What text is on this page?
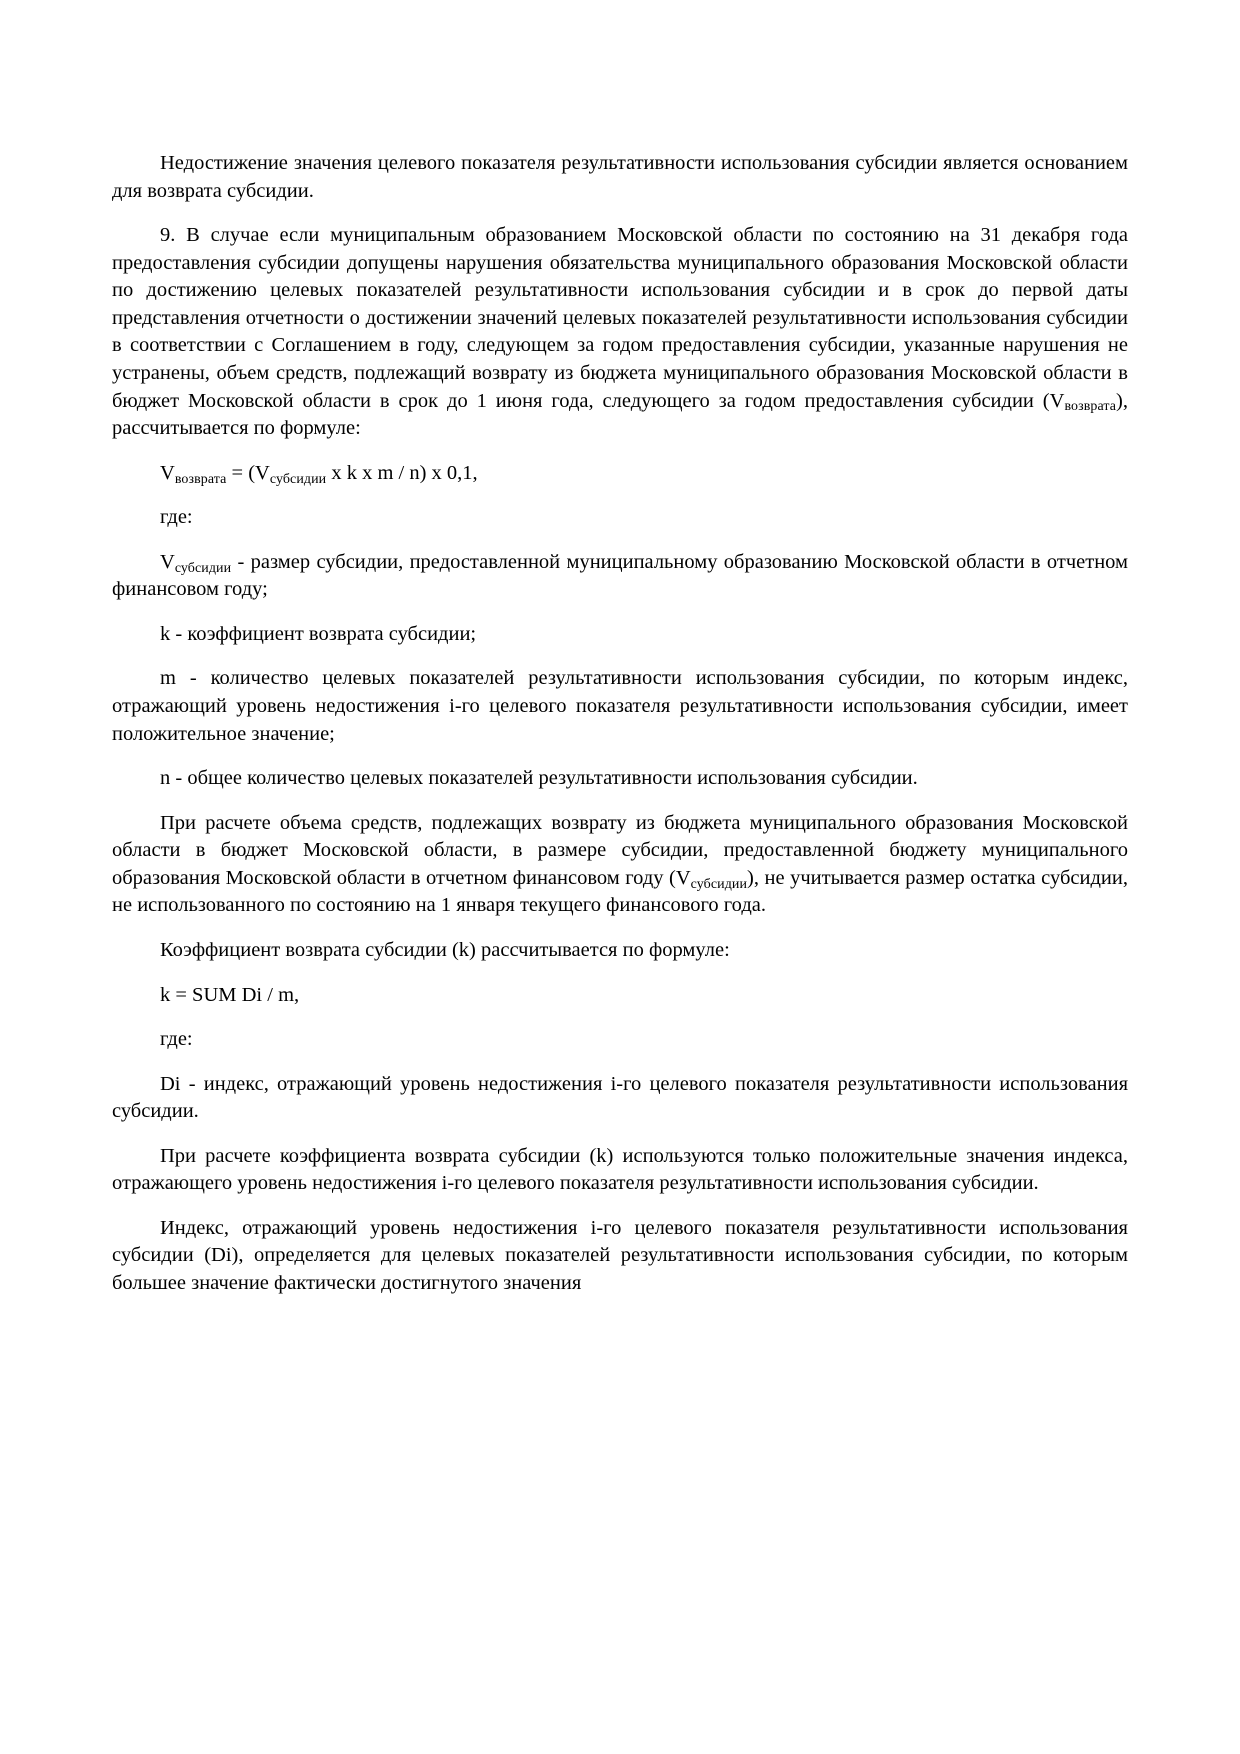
Недостижение значения целевого показателя результативности использования субсидии является основанием для возврата субсидии.

9. В случае если муниципальным образованием Московской области по состоянию на 31 декабря года предоставления субсидии допущены нарушения обязательства муниципального образования Московской области по достижению целевых показателей результативности использования субсидии и в срок до первой даты представления отчетности о достижении значений целевых показателей результативности использования субсидии в соответствии с Соглашением в году, следующем за годом предоставления субсидии, указанные нарушения не устранены, объем средств, подлежащий возврату из бюджета муниципального образования Московской области в бюджет Московской области в срок до 1 июня года, следующего за годом предоставления субсидии $(V_{возврата})$, рассчитывается по формуле:

$V_{возврата} = (V_{субсидии}$ x k x m / n) x 0,1,

где:

$V_{субсидии}$ - размер субсидии, предоставленной муниципальному образованию Московской области в отчетном финансовом году;

k - коэффициент возврата субсидии;

m - количество целевых показателей результативности использования субсидии, по которым индекс, отражающий уровень недостижения i-го целевого показателя результативности использования субсидии, имеет положительное значение;

n - общее количество целевых показателей результативности использования субсидии.

При расчете объема средств, подлежащих возврату из бюджета муниципального образования Московской области в бюджет Московской области, в размере субсидии, предоставленной бюджету муниципального образования Московской области в отчетном финансовом году $(V_{субсидии})$, не учитывается размер остатка субсидии, не использованного по состоянию на 1 января текущего финансового года.

Коэффициент возврата субсидии (k) рассчитывается по формуле:

k = SUM Di / m,

где:

Di - индекс, отражающий уровень недостижения i-го целевого показателя результативности использования субсидии.

При расчете коэффициента возврата субсидии (k) используются только положительные значения индекса, отражающего уровень недостижения i-го целевого показателя результативности использования субсидии.

Индекс, отражающий уровень недостижения i-го целевого показателя результативности использования субсидии (Di), определяется для целевых показателей результативности использования субсидии, по которым большее значение фактически достигнутого значения
